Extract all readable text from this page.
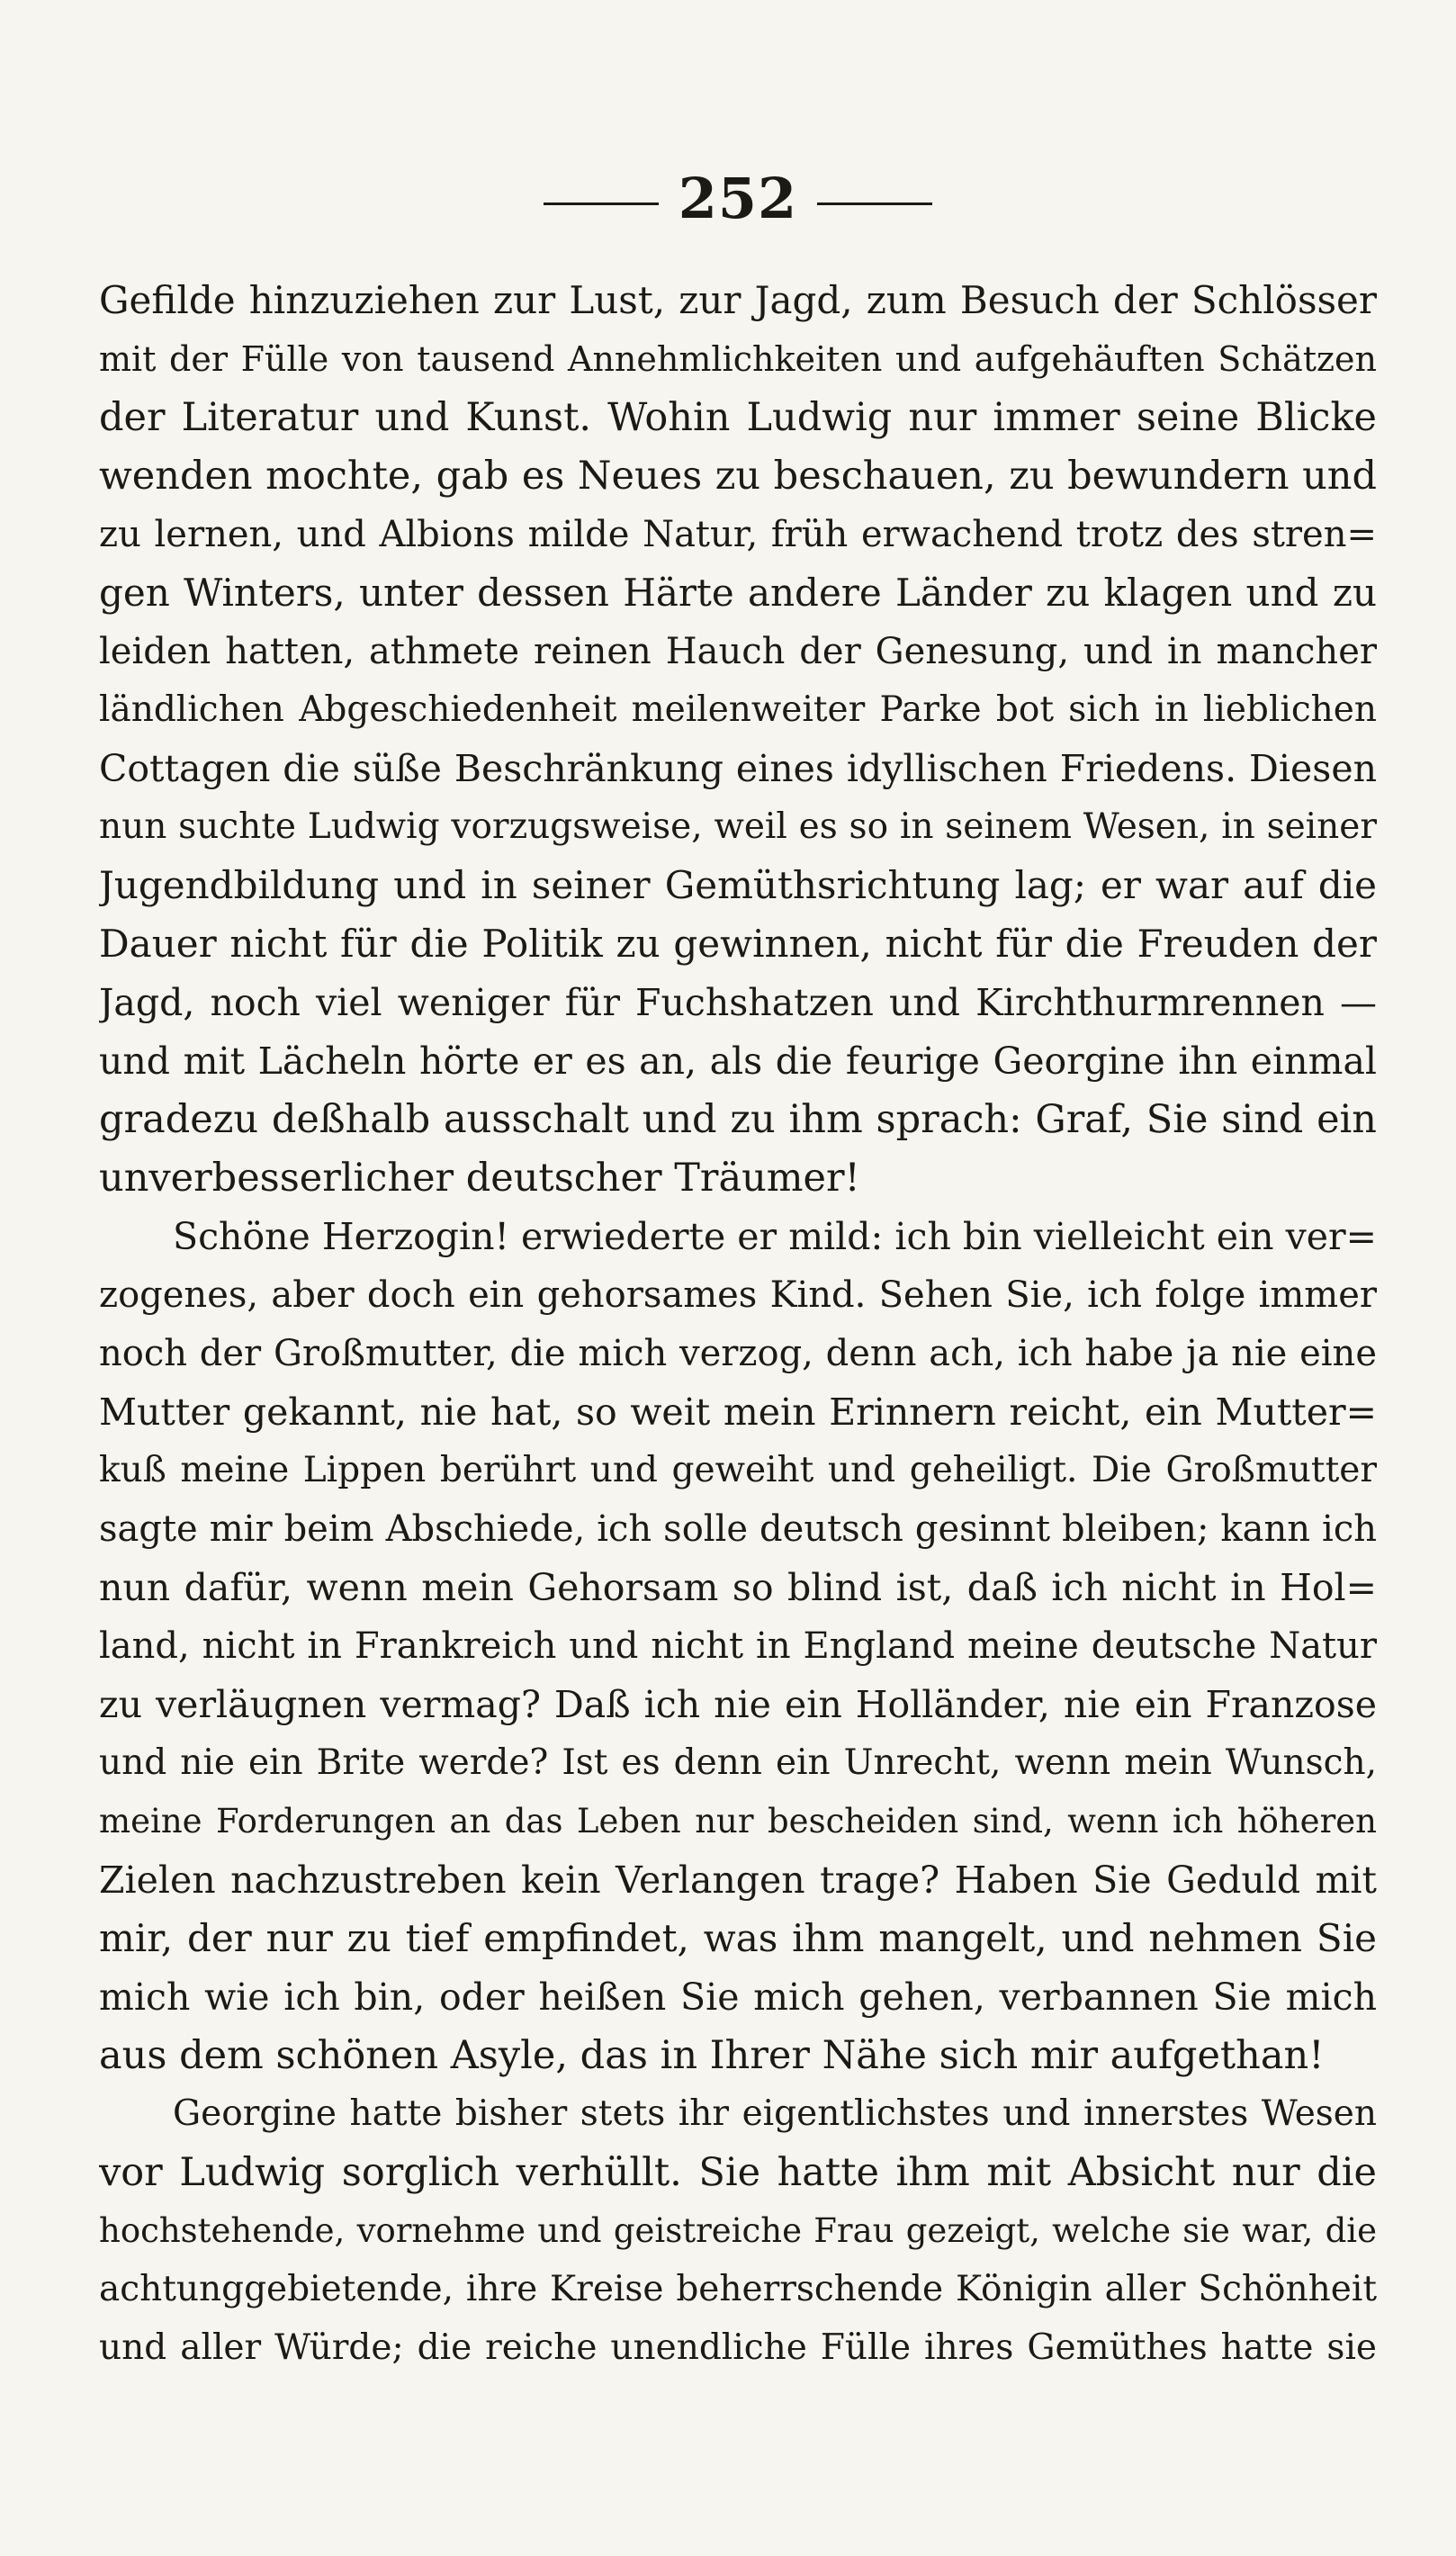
252
Gefilde hinzuziehen zur Lust, zur Jagd, zum Besuch der Schlösser
mit der Fülle von tausend Annehmlichkeiten und aufgehäuften Schätzen
der Literatur und Kunst. Wohin Ludwig nur immer seine Blicke
wenden mochte, gab es Neues zu beschauen, zu bewundern und
zu lernen, und Albions milde Natur, früh erwachend trotz des stren=
gen Winters, unter dessen Härte andere Länder zu klagen und zu
leiden hatten, athmete reinen Hauch der Genesung, und in mancher
ländlichen Abgeschiedenheit meilenweiter Parke bot sich in lieblichen
Cottagen die süße Beschränkung eines idyllischen Friedens. Diesen
nun suchte Ludwig vorzugsweise, weil es so in seinem Wesen, in seiner
Jugendbildung und in seiner Gemüthsrichtung lag; er war auf die
Dauer nicht für die Politik zu gewinnen, nicht für die Freuden der
Jagd, noch viel weniger für Fuchshatzen und Kirchthurmrennen —
und mit Lächeln hörte er es an, als die feurige Georgine ihn einmal
gradezu deßhalb ausschalt und zu ihm sprach: Graf, Sie sind ein
unverbesserlicher deutscher Träumer!
Schöne Herzogin! erwiederte er mild: ich bin vielleicht ein ver=
zogenes, aber doch ein gehorsames Kind. Sehen Sie, ich folge immer
noch der Großmutter, die mich verzog, denn ach, ich habe ja nie eine
Mutter gekannt, nie hat, so weit mein Erinnern reicht, ein Mutter=
kuß meine Lippen berührt und geweiht und geheiligt. Die Großmutter
sagte mir beim Abschiede, ich solle deutsch gesinnt bleiben; kann ich
nun dafür, wenn mein Gehorsam so blind ist, daß ich nicht in Hol=
land, nicht in Frankreich und nicht in England meine deutsche Natur
zu verläugnen vermag? Daß ich nie ein Holländer, nie ein Franzose
und nie ein Brite werde? Ist es denn ein Unrecht, wenn mein Wunsch,
meine Forderungen an das Leben nur bescheiden sind, wenn ich höheren
Zielen nachzustreben kein Verlangen trage? Haben Sie Geduld mit
mir, der nur zu tief empfindet, was ihm mangelt, und nehmen Sie
mich wie ich bin, oder heißen Sie mich gehen, verbannen Sie mich
aus dem schönen Asyle, das in Ihrer Nähe sich mir aufgethan!
Georgine hatte bisher stets ihr eigentlichstes und innerstes Wesen
vor Ludwig sorglich verhüllt. Sie hatte ihm mit Absicht nur die
hochstehende, vornehme und geistreiche Frau gezeigt, welche sie war, die
achtunggebietende, ihre Kreise beherrschende Königin aller Schönheit
und aller Würde; die reiche unendliche Fülle ihres Gemüthes hatte sie
